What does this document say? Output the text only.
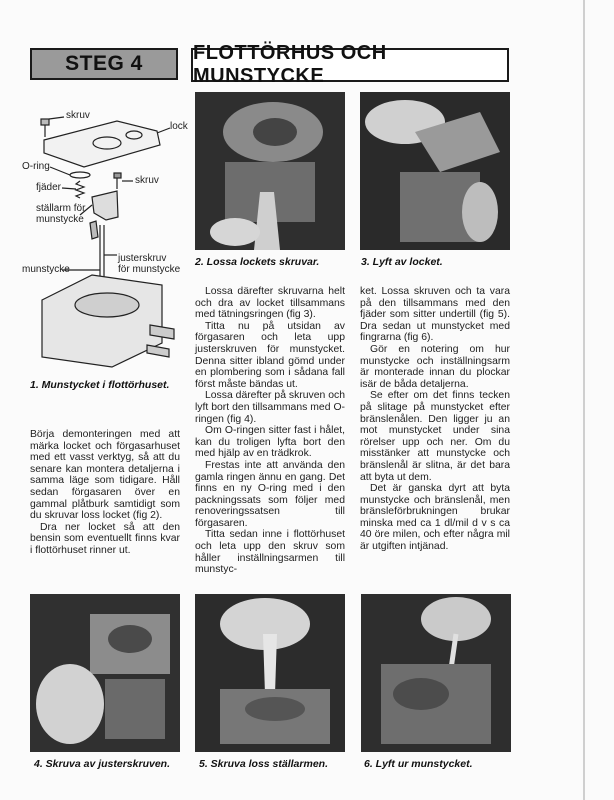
STEG 4	FLOTTÖRHUS OCH MUNSTYCKE
skruv
lock
O-ring
skruv
fjäder
ställarm för
munstycke
justerskruv
för munstycke
munstycke
1. Munstycket i flottörhuset.
2. Lossa lockets skruvar.	3. Lyft av locket.

Börja demonteringen med att märka locket och förgasarhuset med ett vasst verktyg, så att du senare kan montera detaljerna i samma läge som tidigare. Håll sedan förgasaren över en gammal plåtburk samtidigt som du skruvar loss locket (fig 2).

Dra ner locket så att den bensin som eventuellt finns kvar i flottörhuset rinner ut.

Lossa därefter skruvarna helt och dra av locket tillsammans med tätningsringen (fig 3).

Titta nu på utsidan av förgasaren och leta upp justerskruven för munstycket. Denna sitter ibland gömd under en plombering som i sådana fall först måste bändas ut.

Lossa därefter på skruven och lyft bort den tillsammans med O-ringen (fig 4).

Om O-ringen sitter fast i hålet, kan du troligen lyfta bort den med hjälp av en trädkrok.

Frestas inte att använda den gamla ringen ännu en gang. Det finns en ny O-ring med i den packningssats som följer med renoveringssatsen till förgasaren.

Titta sedan inne i flottörhuset och leta upp den skruv som håller inställningsarmen till munstyc-

ket. Lossa skruven och ta vara på den tillsammans med den fjäder som sitter undertill (fig 5). Dra sedan ut munstycket med fingrarna (fig 6).

Gör en notering om hur munstycke och inställningsarm är monterade innan du plockar isär de båda detaljerna.

Se efter om det finns tecken på slitage på munstycket efter bränslenålen. Den ligger ju an mot munstycket under sina rörelser upp och ner. Om du misstänker att munstycke och bränslenål är slitna, är det bara att byta ut dem.

Det är ganska dyrt att byta munstycke och bränslenål, men bränsleförbrukningen brukar minska med ca 1 dl/mil d v s ca 40 öre milen, och efter några mil är utgiften intjänad.

4. Skruva av justerskruven.	5. Skruva loss ställarmen.	6. Lyft ur munstycket.
